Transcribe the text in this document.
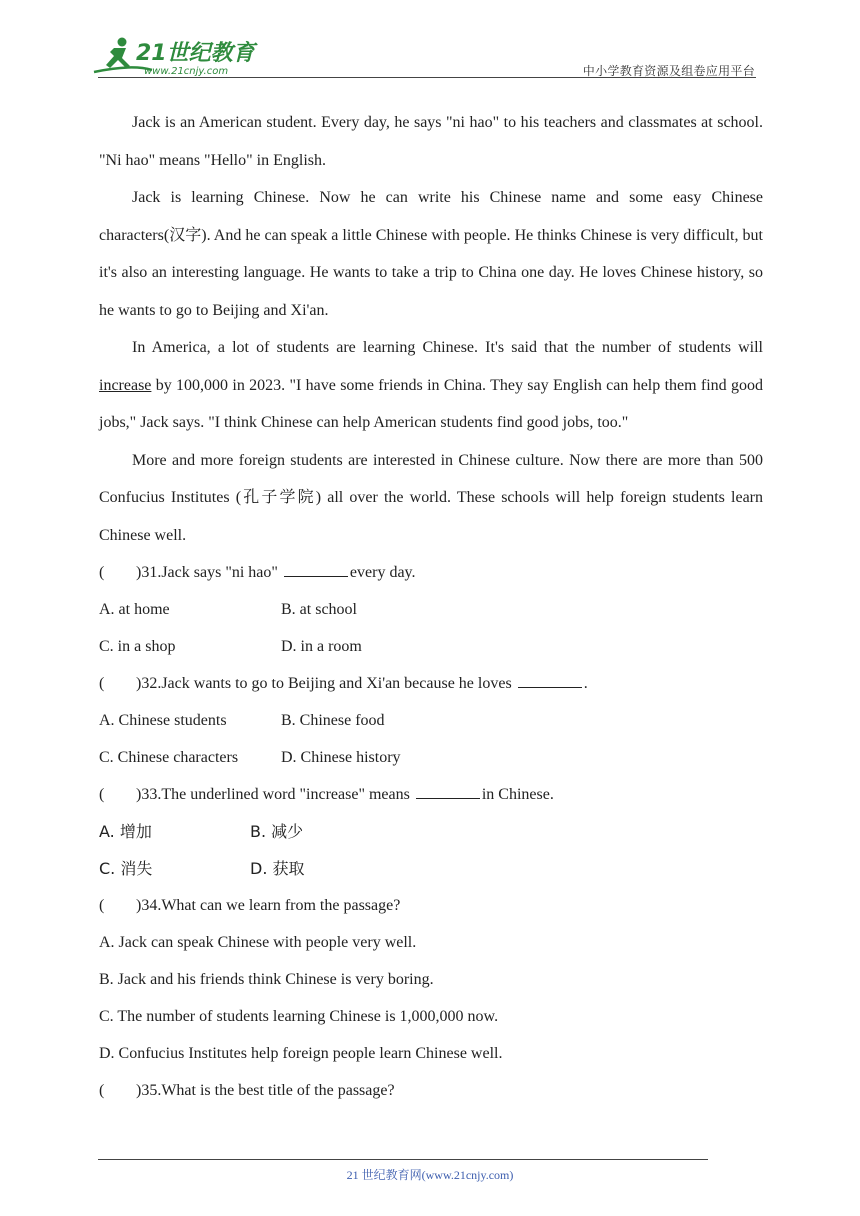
21世纪教育
www.21cnjy.com	中小学教育资源及组卷应用平台

Jack is an American student. Every day, he says "ni hao" to his teachers and classmates at school. "Ni hao" means "Hello" in English.

Jack is learning Chinese. Now he can write his Chinese name and some easy Chinese characters(汉字). And he can speak a little Chinese with people. He thinks Chinese is very difficult, but it's also an interesting language. He wants to take a trip to China one day. He loves Chinese history, so he wants to go to Beijing and Xi'an.

In America, a lot of students are learning Chinese. It's said that the number of students will increase by 100,000 in 2023. "I have some friends in China. They say English can help them find good jobs," Jack says. "I think Chinese can help American students find good jobs, too."

More and more foreign students are interested in Chinese culture. Now there are more than 500 Confucius Institutes (孔子学院) all over the world. These schools will help foreign students learn Chinese well.

( )31.Jack says "ni hao"	every day.

A. at home	B. at school
C. in a shop	D. in a room

( )32.Jack wants to go to Beijing and Xi'an because he loves	.

A. Chinese students	B. Chinese food
C. Chinese characters	D. Chinese history

( )33.The underlined word "increase" means	in Chinese.

A. 增加	B. 减少
C. 消失	D. 获取

( )34.What can we learn from the passage?

A. Jack can speak Chinese with people very well.

B. Jack and his friends think Chinese is very boring.

C. The number of students learning Chinese is 1,000,000 now.

D. Confucius Institutes help foreign people learn Chinese well.

( )35.What is the best title of the passage?

21 世纪教育网(www.21cnjy.com)
